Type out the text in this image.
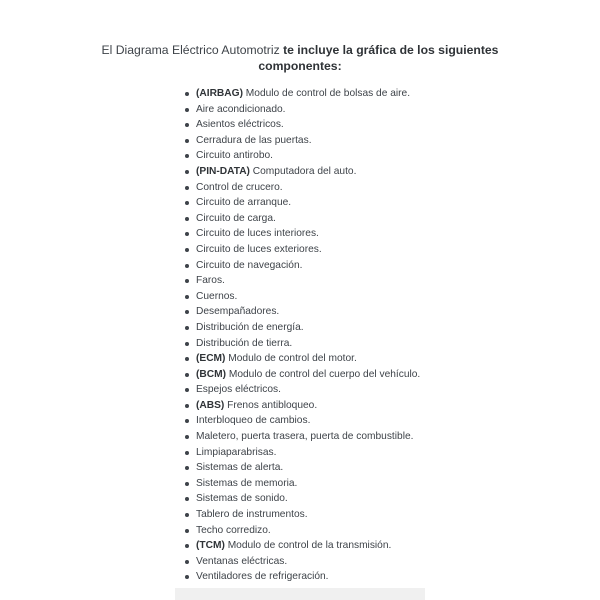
El Diagrama Eléctrico Automotriz te incluye la gráfica de los siguientes
componentes:
(AIRBAG) Modulo de control de bolsas de aire.
Aire acondicionado.
Asientos eléctricos.
Cerradura de las puertas.
Circuito antirobo.
(PIN-DATA) Computadora del auto.
Control de crucero.
Circuito de arranque.
Circuito de carga.
Circuito de luces interiores.
Circuito de luces exteriores.
Circuito de navegación.
Faros.
Cuernos.
Desempañadores.
Distribución de energía.
Distribución de tierra.
(ECM) Modulo de control del motor.
(BCM) Modulo de control del cuerpo del vehículo.
Espejos eléctricos.
(ABS) Frenos antibloqueo.
Interbloqueo de cambios.
Maletero, puerta trasera, puerta de combustible.
Limpiaparabrisas.
Sistemas de alerta.
Sistemas de memoria.
Sistemas de sonido.
Tablero de instrumentos.
Techo corredizo.
(TCM) Modulo de control de la transmisión.
Ventanas eléctricas.
Ventiladores de refrigeración.
